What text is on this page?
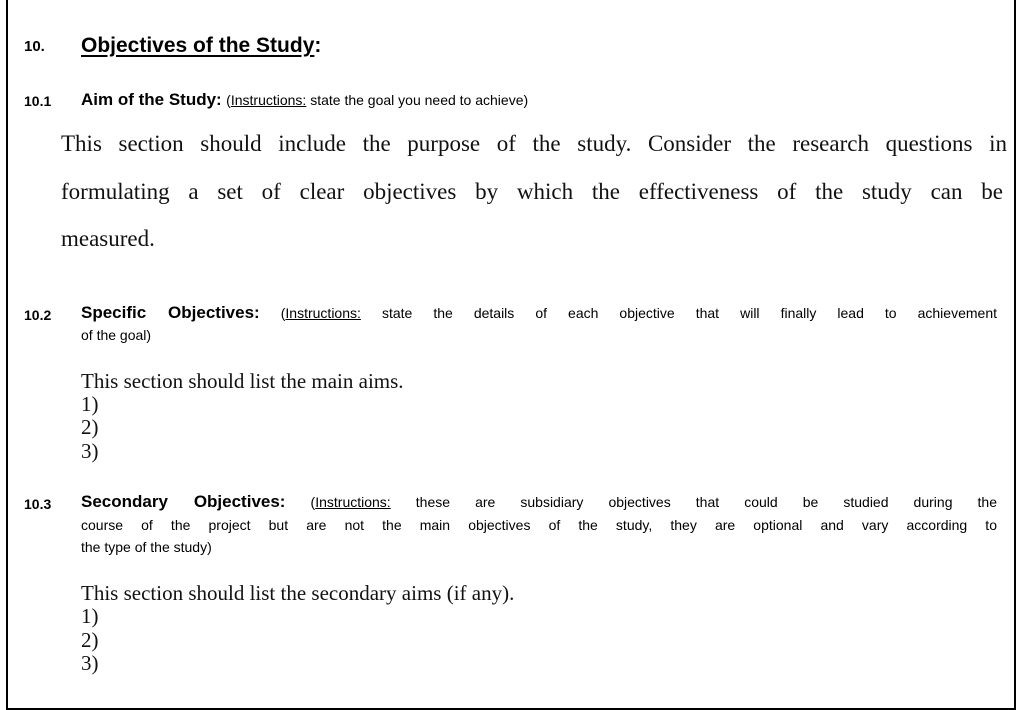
10. Objectives of the Study:
10.1 Aim of the Study: (Instructions: state the goal you need to achieve)
This section should include the purpose of the study. Consider the research questions in
formulating a set of clear objectives by which the effectiveness of the study can be
measured.
10.2 Specific Objectives: (Instructions: state the details of each objective that will finally lead to achievement
of the goal)
This section should list the main aims.
1)
2)
3)
10.3 Secondary Objectives: (Instructions: these are subsidiary objectives that could be studied during the
course of the project but are not the main objectives of the study, they are optional and vary according to
the type of the study)
This section should list the secondary aims (if any).
1)
2)
3)
